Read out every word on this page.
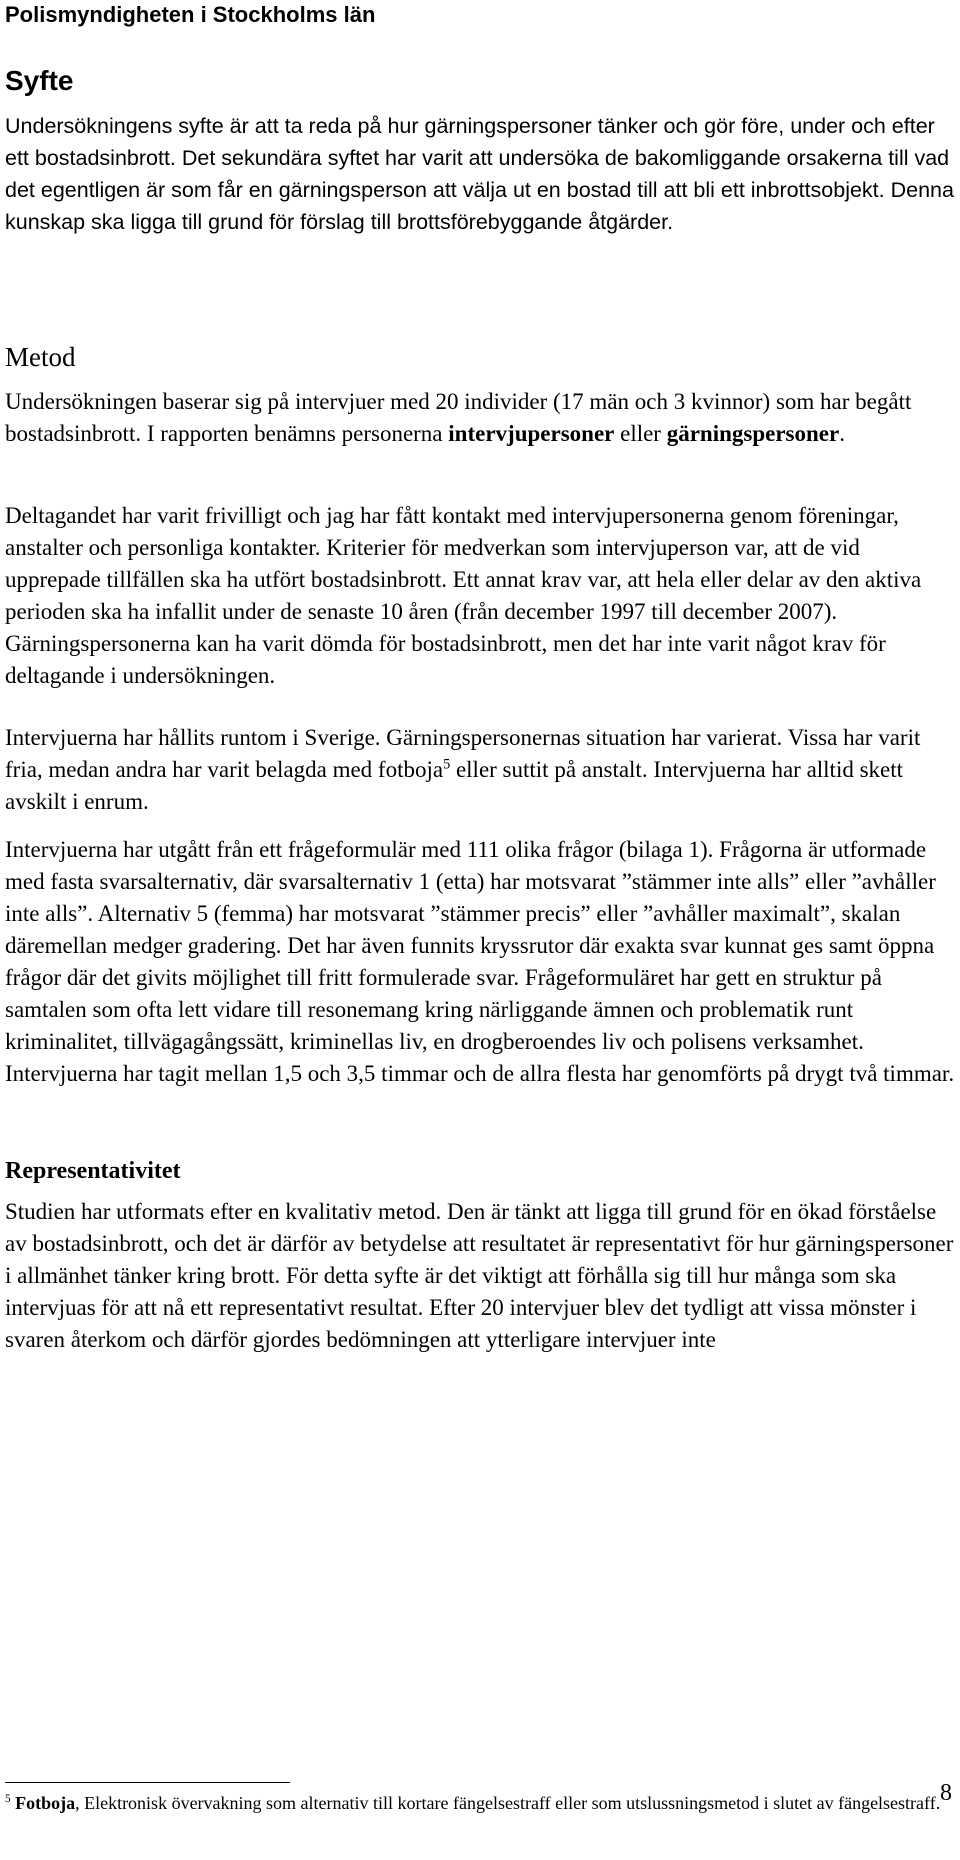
Polismyndigheten i Stockholms län
Syfte

Undersökningens syfte är att ta reda på hur gärningspersoner tänker och gör före, under och efter ett bostadsinbrott. Det sekundära syftet har varit att undersöka de bakomliggande orsakerna till vad det egentligen är som får en gärningsperson att välja ut en bostad till att bli ett inbrottsobjekt. Denna kunskap ska ligga till grund för förslag till brottsförebyggande åtgärder.

Metod

Undersökningen baserar sig på intervjuer med 20 individer (17 män och 3 kvinnor) som har begått bostadsinbrott. I rapporten benämns personerna intervjupersoner eller gärningspersoner.

Deltagandet har varit frivilligt och jag har fått kontakt med intervjupersonerna genom föreningar, anstalter och personliga kontakter. Kriterier för medverkan som intervjuperson var, att de vid upprepade tillfällen ska ha utfört bostadsinbrott. Ett annat krav var, att hela eller delar av den aktiva perioden ska ha infallit under de senaste 10 åren (från december 1997 till december 2007). Gärningspersonerna kan ha varit dömda för bostadsinbrott, men det har inte varit något krav för deltagande i undersökningen.

Intervjuerna har hållits runtom i Sverige. Gärningspersonernas situation har varierat. Vissa har varit fria, medan andra har varit belagda med fotboja$^5$ eller suttit på anstalt. Intervjuerna har alltid skett avskilt i enrum.

Intervjuerna har utgått från ett frågeformulär med 111 olika frågor (bilaga 1). Frågorna är utformade med fasta svarsalternativ, där svarsalternativ 1 (etta) har motsvarat ”stämmer inte alls” eller ”avhåller inte alls”. Alternativ 5 (femma) har motsvarat ”stämmer precis” eller ”avhåller maximalt”, skalan däremellan medger gradering. Det har även funnits kryssrutor där exakta svar kunnat ges samt öppna frågor där det givits möjlighet till fritt formulerade svar. Frågeformuläret har gett en struktur på samtalen som ofta lett vidare till resonemang kring närliggande ämnen och problematik runt kriminalitet, tillvägagångssätt, kriminellas liv, en drogberoendes liv och polisens verksamhet. Intervjuerna har tagit mellan 1,5 och 3,5 timmar och de allra flesta har genomförts på drygt två timmar.

Representativitet

Studien har utformats efter en kvalitativ metod. Den är tänkt att ligga till grund för en ökad förståelse av bostadsinbrott, och det är därför av betydelse att resultatet är representativt för hur gärningspersoner i allmänhet tänker kring brott. För detta syfte är det viktigt att förhålla sig till hur många som ska intervjuas för att nå ett representativt resultat. Efter 20 intervjuer blev det tydligt att vissa mönster i svaren återkom och därför gjordes bedömningen att ytterligare intervjuer inte

$^5$ Fotboja, Elektronisk övervakning som alternativ till kortare fängelsestraff eller som utslussningsmetod i slutet av fängelsestraff. 8
